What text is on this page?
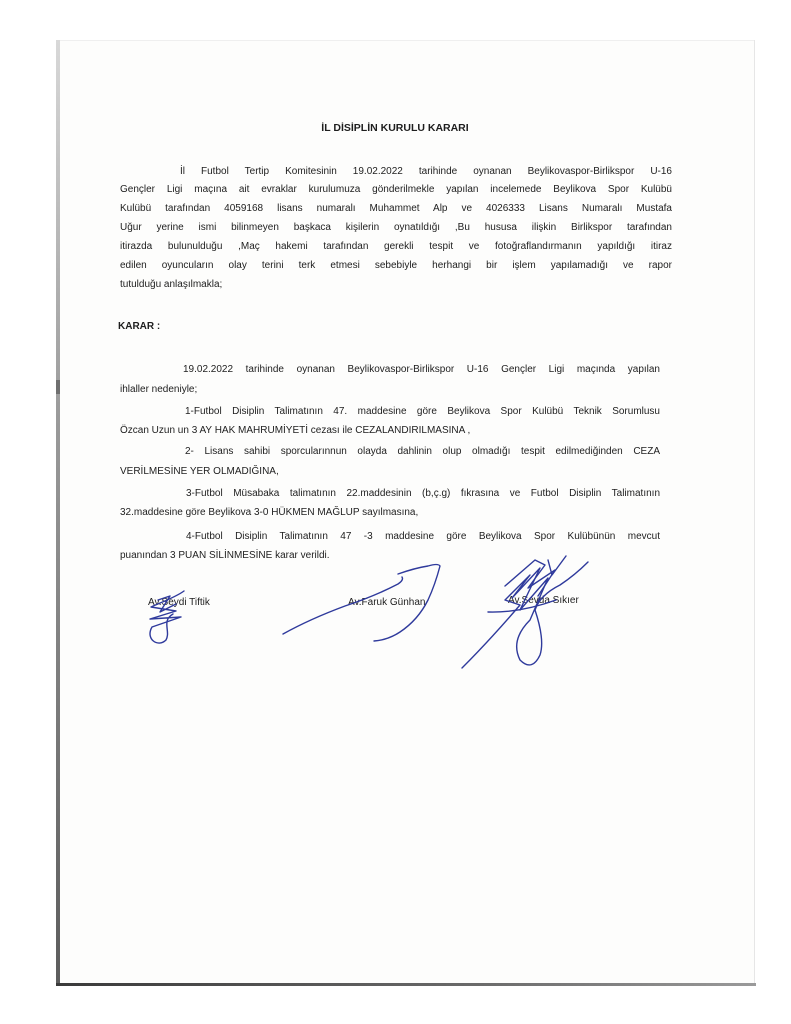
İL DİSİPLİN KURULU KARARI
İl Futbol Tertip Komitesinin 19.02.2022 tarihinde oynanan Beylikovaspor-Birlikspor U-16
Gençler Ligi maçına ait evraklar kurulumuza gönderilmekle yapılan incelemede Beylikova Spor Kulübü
Kulübü tarafından 4059168 lisans numaralı Muhammet Alp ve 4026333 Lisans Numaralı Mustafa
Uğur yerine ismi bilinmeyen başkaca kişilerin oynatıldığı ,Bu hususa ilişkin Birlikspor tarafından
itirazda bulunulduğu ,Maç hakemi tarafından gerekli tespit ve fotoğraflandırmanın yapıldığı itiraz
edilen oyuncuların olay terini terk etmesi sebebiyle herhangi bir işlem yapılamadığı ve rapor
tutulduğu anlaşılmakla;
KARAR :
19.02.2022 tarihinde oynanan Beylikovaspor-Birlikspor U-16 Gençler Ligi maçında yapılan
ihlaller nedeniyle;
1-Futbol Disiplin Talimatının 47. maddesine göre Beylikova Spor Kulübü Teknik Sorumlusu
Özcan Uzun un 3 AY HAK MAHRUMİYETİ cezası ile CEZALANDIRILMASINA ,
2- Lisans sahibi sporcularınnun olayda dahlinin olup olmadığı tespit edilmediğinden CEZA
VERİLMESİNE YER OLMADIĞINA,
3-Futbol Müsabaka talimatının 22.maddesinin (b,ç.g) fıkrasına ve Futbol Disiplin Talimatının
32.maddesine göre Beylikova 3-0 HÜKMEN MAĞLUP sayılmasına,
4-Futbol Disiplin Talimatının 47 -3 maddesine göre Beylikova Spor Kulübünün mevcut
puanından 3 PUAN SİLİNMESİNE karar verildi.
Av.Seydi Tiftik	Av.Faruk Günhan	Av.Sevda Sıkıer
